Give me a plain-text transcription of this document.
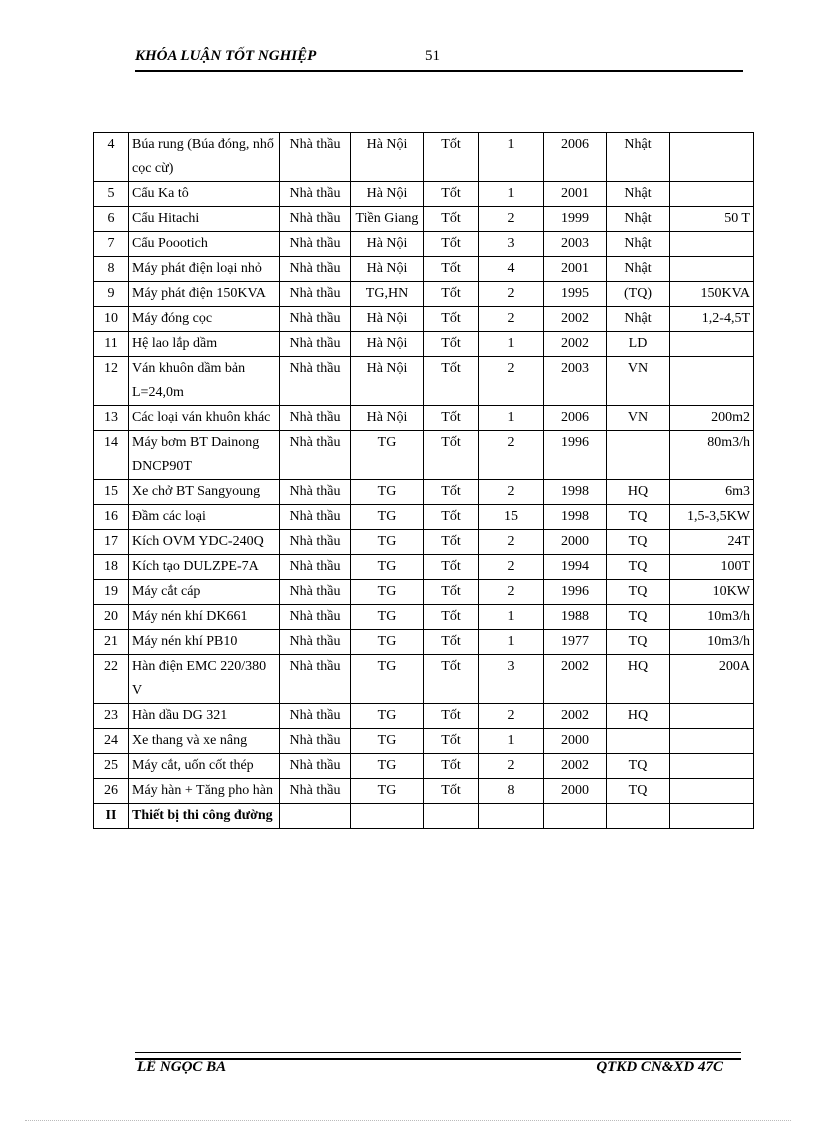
KHÓA LUẬN TỐT NGHIỆP	51
4	Búa rung (Búa đóng, nhổ cọc cừ)	Nhà thầu	Hà Nội	Tốt	1	2006	Nhật	
5	Cẩu Ka tô	Nhà thầu	Hà Nội	Tốt	1	2001	Nhật	
6	Cẩu Hitachi	Nhà thầu	Tiền Giang	Tốt	2	1999	Nhật	50 T
7	Cẩu Poootich	Nhà thầu	Hà Nội	Tốt	3	2003	Nhật	
8	Máy phát điện loại nhỏ	Nhà thầu	Hà Nội	Tốt	4	2001	Nhật	
9	Máy phát điện 150KVA	Nhà thầu	TG,HN	Tốt	2	1995	(TQ)	150KVA
10	Máy đóng cọc	Nhà thầu	Hà Nội	Tốt	2	2002	Nhật	1,2-4,5T
11	Hệ lao lắp dầm	Nhà thầu	Hà Nội	Tốt	1	2002	LD	
12	Ván khuôn dầm bản L=24,0m	Nhà thầu	Hà Nội	Tốt	2	2003	VN	
13	Các loại ván khuôn khác	Nhà thầu	Hà Nội	Tốt	1	2006	VN	200m2
14	Máy bơm BT Dainong DNCP90T	Nhà thầu	TG	Tốt	2	1996		80m3/h
15	Xe chở BT Sangyoung	Nhà thầu	TG	Tốt	2	1998	HQ	6m3
16	Đầm các loại	Nhà thầu	TG	Tốt	15	1998	TQ	1,5-3,5KW
17	Kích OVM YDC-240Q	Nhà thầu	TG	Tốt	2	2000	TQ	24T
18	Kích tạo DULZPE-7A	Nhà thầu	TG	Tốt	2	1994	TQ	100T
19	Máy cắt cáp	Nhà thầu	TG	Tốt	2	1996	TQ	10KW
20	Máy nén khí DK661	Nhà thầu	TG	Tốt	1	1988	TQ	10m3/h
21	Máy nén khí PB10	Nhà thầu	TG	Tốt	1	1977	TQ	10m3/h
22	Hàn điện EMC 220/380 V	Nhà thầu	TG	Tốt	3	2002	HQ	200A
23	Hàn dầu DG 321	Nhà thầu	TG	Tốt	2	2002	HQ	
24	Xe thang và xe nâng	Nhà thầu	TG	Tốt	1	2000		
25	Máy cắt, uốn cốt thép	Nhà thầu	TG	Tốt	2	2002	TQ	
26	Máy hàn + Tăng pho hàn	Nhà thầu	TG	Tốt	8	2000	TQ	
II	Thiết bị thi công đường							
LÊ NGỌC BA	QTKD CN&XD 47C
